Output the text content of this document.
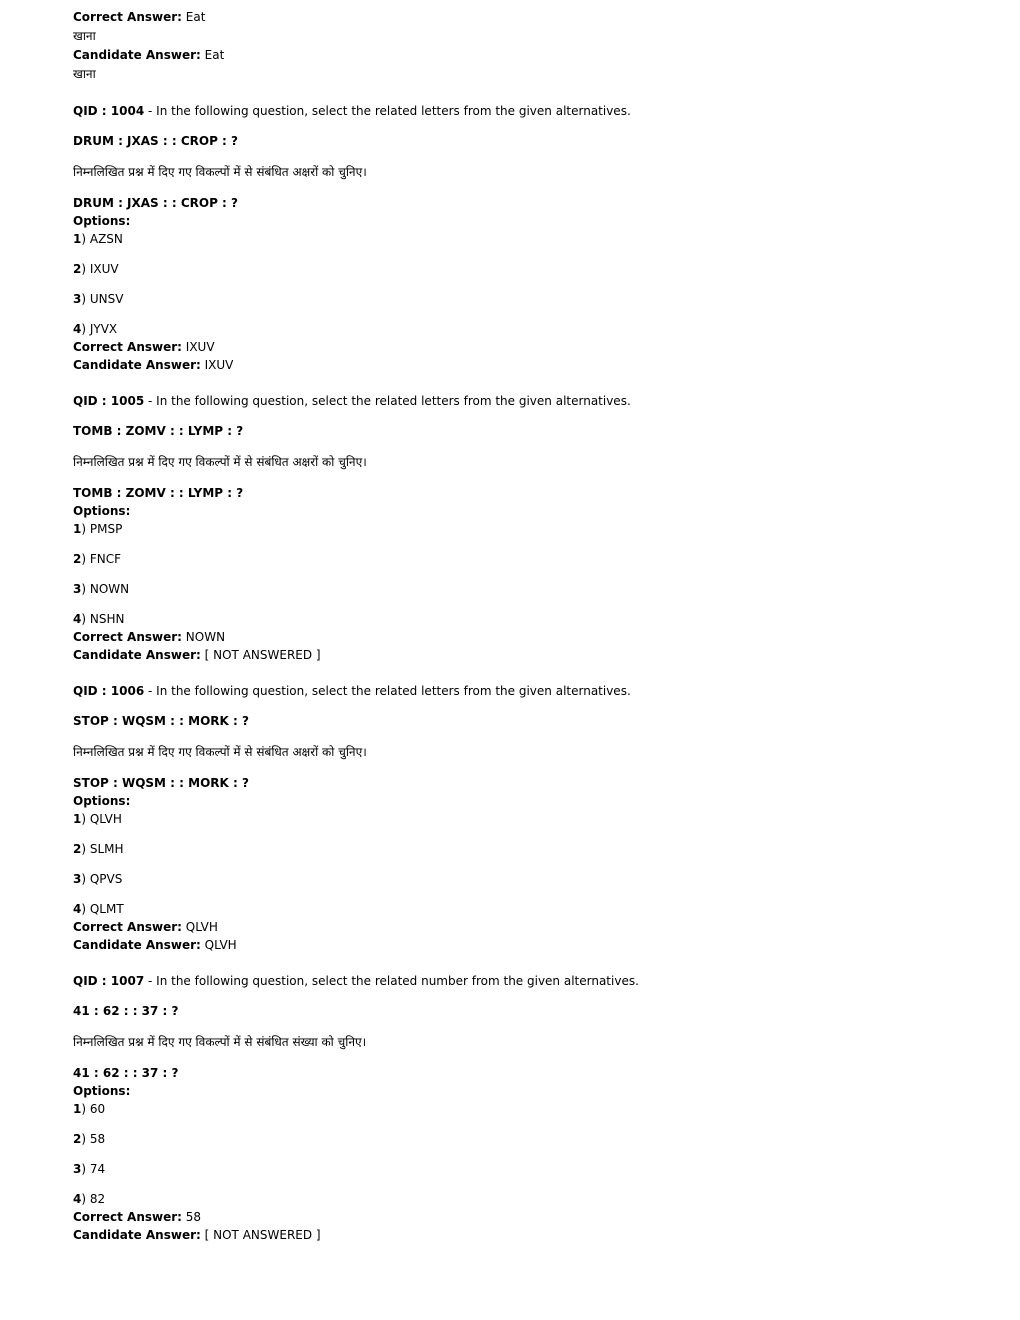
Correct Answer: Eat
खाना
Candidate Answer: Eat
खाना
QID : 1004 - In the following question, select the related letters from the given alternatives.
DRUM : JXAS : : CROP : ?
निम्नलिखित प्रश्न में दिए गए विकल्पों में से संबंधित अक्षरों को चुनिए।
DRUM : JXAS : : CROP : ?
Options:
1) AZSN
2) IXUV
3) UNSV
4) JYVX
Correct Answer: IXUV
Candidate Answer: IXUV
QID : 1005 - In the following question, select the related letters from the given alternatives.
TOMB : ZOMV : : LYMP : ?
निम्नलिखित प्रश्न में दिए गए विकल्पों में से संबंधित अक्षरों को चुनिए।
TOMB : ZOMV : : LYMP : ?
Options:
1) PMSP
2) FNCF
3) NOWN
4) NSHN
Correct Answer: NOWN
Candidate Answer: [ NOT ANSWERED ]
QID : 1006 - In the following question, select the related letters from the given alternatives.
STOP : WQSM : : MORK : ?
निम्नलिखित प्रश्न में दिए गए विकल्पों में से संबंधित अक्षरों को चुनिए।
STOP : WQSM : : MORK : ?
Options:
1) QLVH
2) SLMH
3) QPVS
4) QLMT
Correct Answer: QLVH
Candidate Answer: QLVH
QID : 1007 - In the following question, select the related number from the given alternatives.
41 : 62 : : 37 : ?
निम्नलिखित प्रश्न में दिए गए विकल्पों में से संबंधित संख्या को चुनिए।
41 : 62 : : 37 : ?
Options:
1) 60
2) 58
3) 74
4) 82
Correct Answer: 58
Candidate Answer: [ NOT ANSWERED ]
